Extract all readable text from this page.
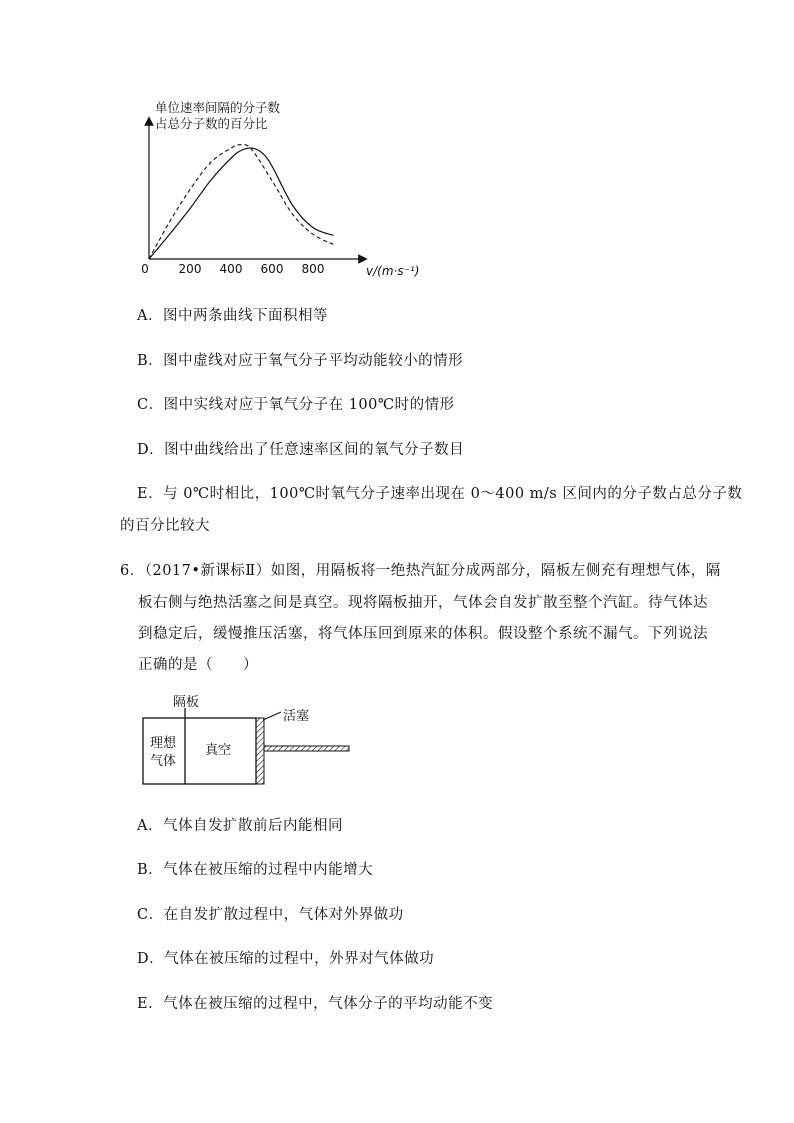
单位速率间隔的分子数
占总分子数的百分比
v/(m·s⁻¹)
0 200 400 600 800
A．图中两条曲线下面积相等
B．图中虚线对应于氧气分子平均动能较小的情形
C．图中实线对应于氧气分子在 100℃时的情形
D．图中曲线给出了任意速率区间的氧气分子数目
E．与 0℃时相比，100℃时氧气分子速率出现在 0～400 m/s 区间内的分子数占总分子数
的百分比较大
6．（2017•新课标Ⅱ）如图，用隔板将一绝热汽缸分成两部分，隔板左侧充有理想气体，隔
板右侧与绝热活塞之间是真空。现将隔板抽开，气体会自发扩散至整个汽缸。待气体达
到稳定后，缓慢推压活塞，将气体压回到原来的体积。假设整个系统不漏气。下列说法
正确的是（　　）
隔板
活塞
理想
气体
真空
A．气体自发扩散前后内能相同
B．气体在被压缩的过程中内能增大
C．在自发扩散过程中，气体对外界做功
D．气体在被压缩的过程中，外界对气体做功
E．气体在被压缩的过程中，气体分子的平均动能不变
